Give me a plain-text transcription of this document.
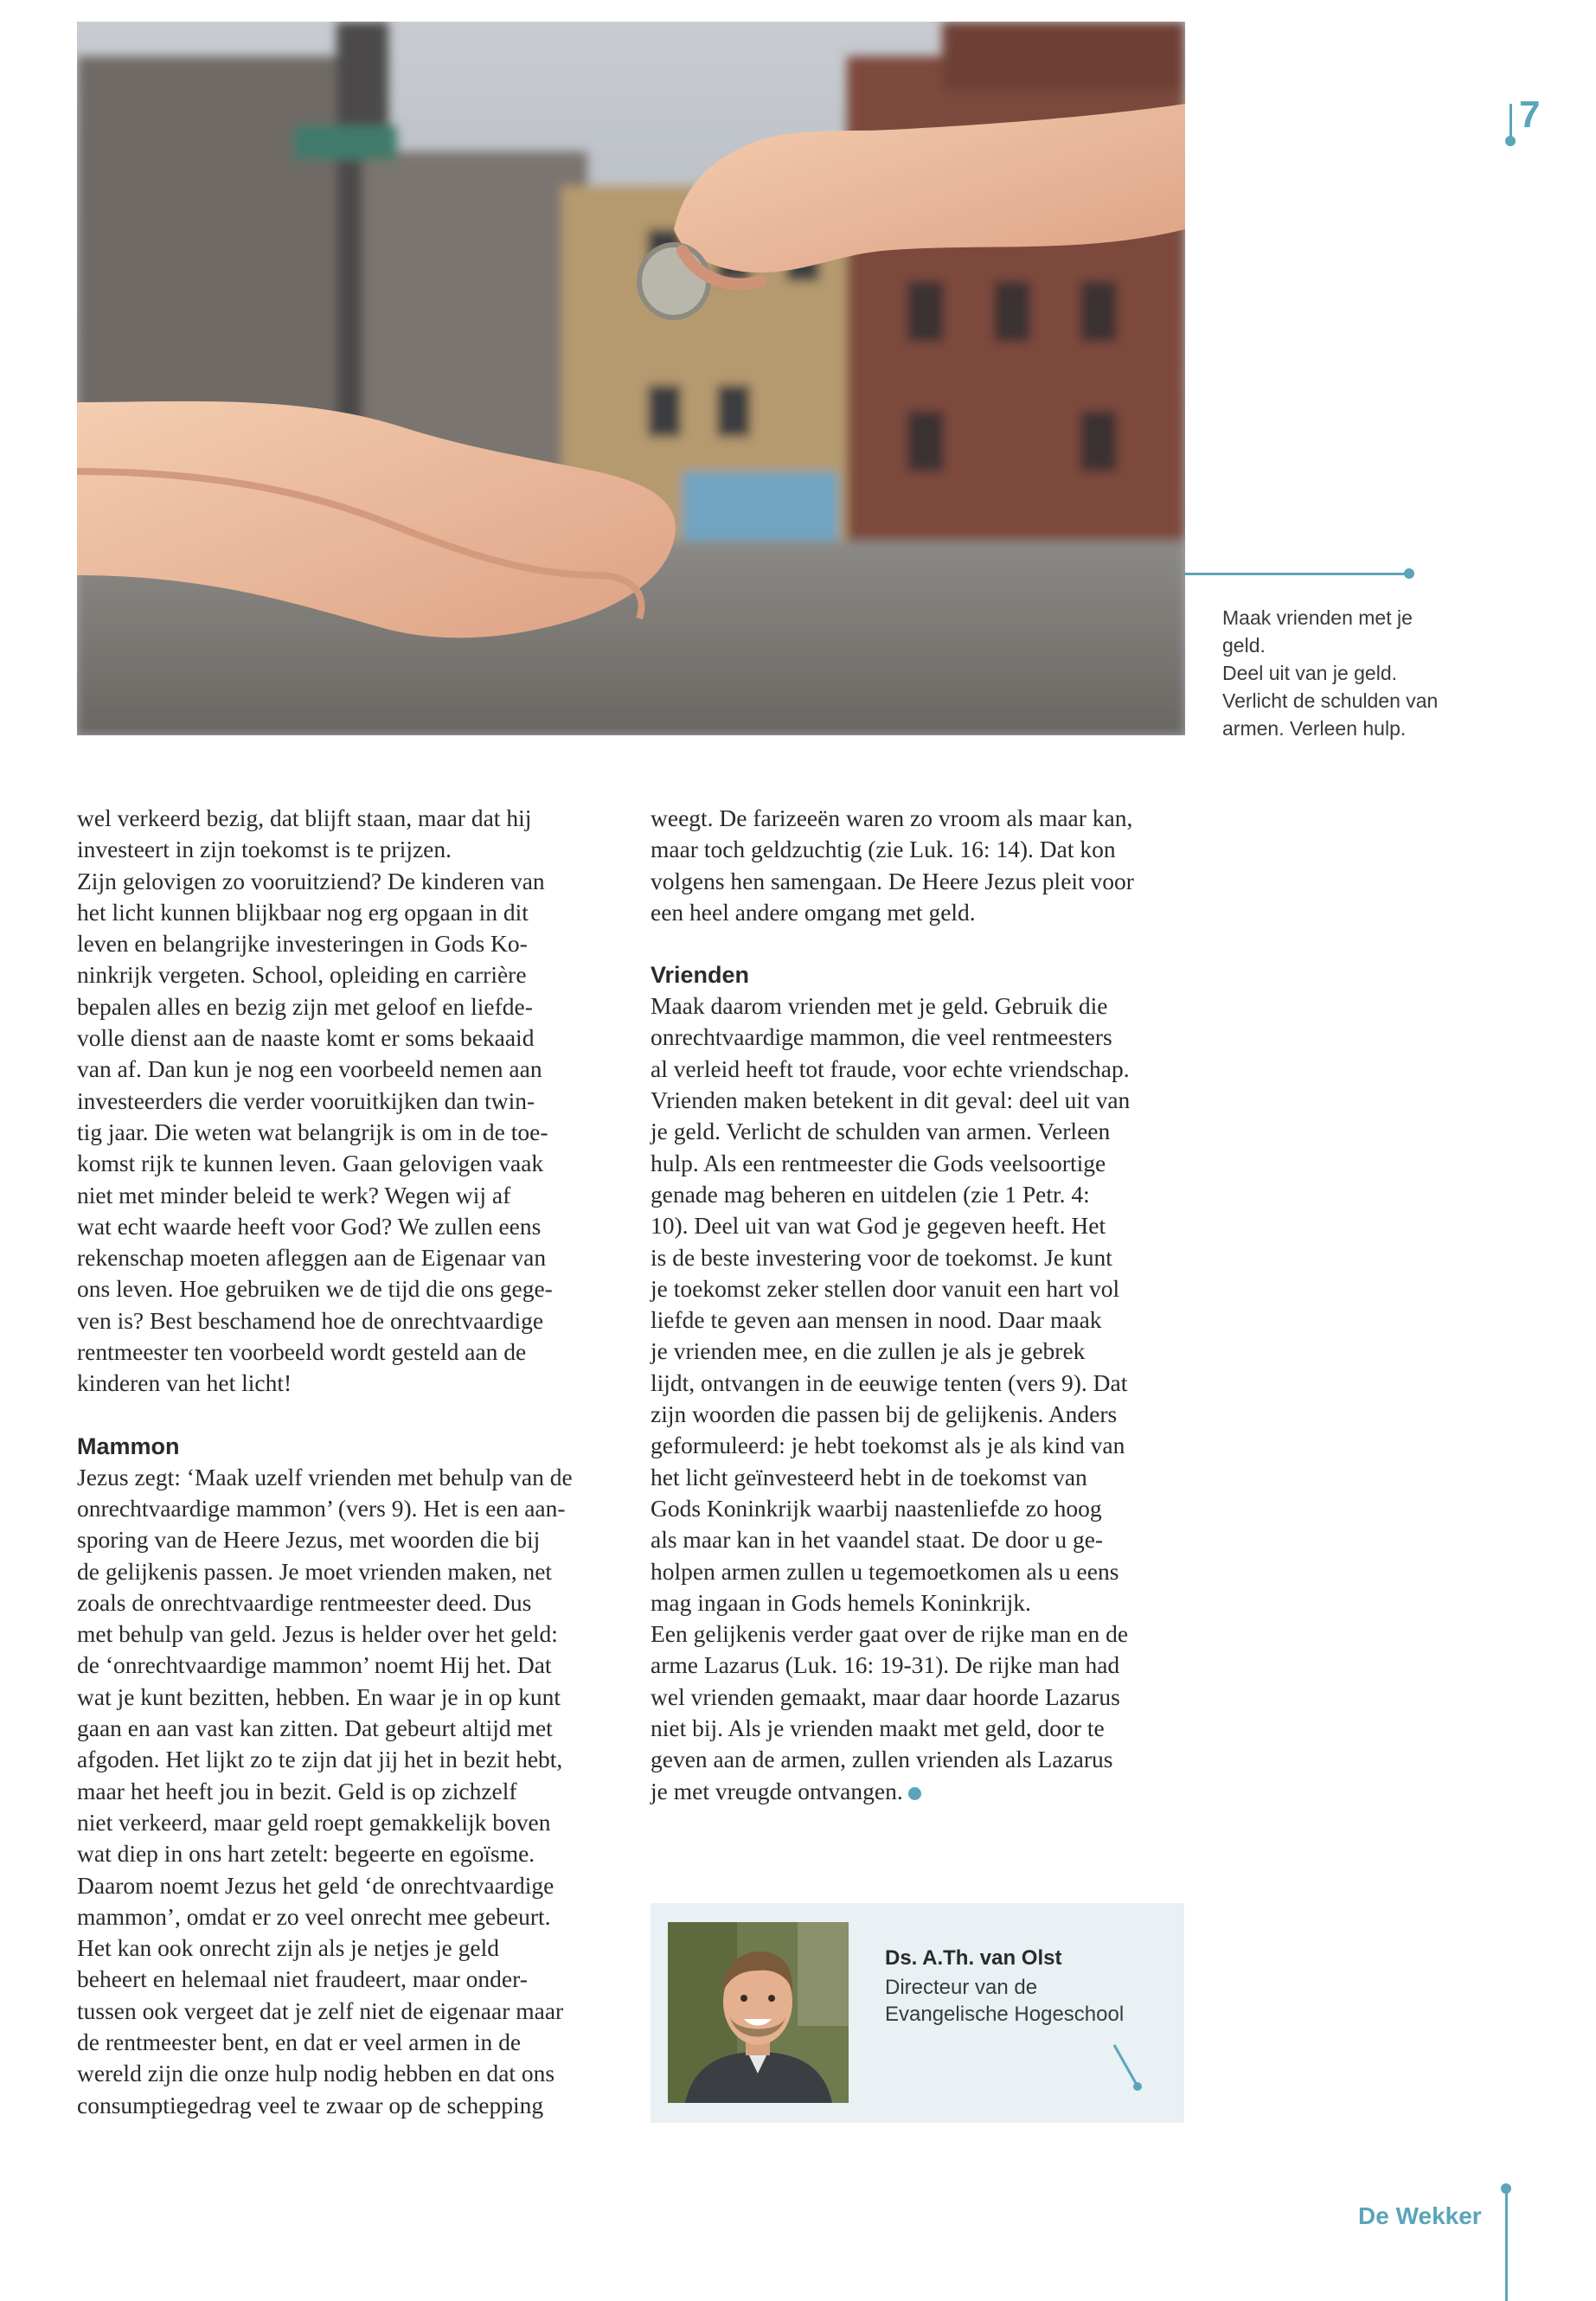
7
Maak vrienden met je
geld.
Deel uit van je geld.
Verlicht de schulden van
armen. Verleen hulp.
wel verkeerd bezig, dat blijft staan, maar dat hij
investeert in zijn toekomst is te prijzen.
Zijn gelovigen zo vooruitziend? De kinderen van
het licht kunnen blijkbaar nog erg opgaan in dit
leven en belangrijke investeringen in Gods Ko-
ninkrijk vergeten. School, opleiding en carrière
bepalen alles en bezig zijn met geloof en liefde-
volle dienst aan de naaste komt er soms bekaaid
van af. Dan kun je nog een voorbeeld nemen aan
investeerders die verder vooruitkijken dan twin-
tig jaar. Die weten wat belangrijk is om in de toe-
komst rijk te kunnen leven. Gaan gelovigen vaak
niet met minder beleid te werk? Wegen wij af
wat echt waarde heeft voor God? We zullen eens
rekenschap moeten afleggen aan de Eigenaar van
ons leven. Hoe gebruiken we de tijd die ons gege-
ven is? Best beschamend hoe de onrechtvaardige
rentmeester ten voorbeeld wordt gesteld aan de
kinderen van het licht!
Mammon
Jezus zegt: ‘Maak uzelf vrienden met behulp van de
onrechtvaardige mammon’ (vers 9). Het is een aan-
sporing van de Heere Jezus, met woorden die bij
de gelijkenis passen. Je moet vrienden maken, net
zoals de onrechtvaardige rentmeester deed. Dus
met behulp van geld. Jezus is helder over het geld:
de ‘onrechtvaardige mammon’ noemt Hij het. Dat
wat je kunt bezitten, hebben. En waar je in op kunt
gaan en aan vast kan zitten. Dat gebeurt altijd met
afgoden. Het lijkt zo te zijn dat jij het in bezit hebt,
maar het heeft jou in bezit. Geld is op zichzelf
niet verkeerd, maar geld roept gemakkelijk boven
wat diep in ons hart zetelt: begeerte en egoïsme.
Daarom noemt Jezus het geld ‘de onrechtvaardige
mammon’, omdat er zo veel onrecht mee gebeurt.
Het kan ook onrecht zijn als je netjes je geld
beheert en helemaal niet fraudeert, maar onder-
tussen ook vergeet dat je zelf niet de eigenaar maar
de rentmeester bent, en dat er veel armen in de
wereld zijn die onze hulp nodig hebben en dat ons
consumptiegedrag veel te zwaar op de schepping
weegt. De farizeeën waren zo vroom als maar kan,
maar toch geldzuchtig (zie Luk. 16: 14). Dat kon
volgens hen samengaan. De Heere Jezus pleit voor
een heel andere omgang met geld.
Vrienden
Maak daarom vrienden met je geld. Gebruik die
onrechtvaardige mammon, die veel rentmeesters
al verleid heeft tot fraude, voor echte vriendschap.
Vrienden maken betekent in dit geval: deel uit van
je geld. Verlicht de schulden van armen. Verleen
hulp. Als een rentmeester die Gods veelsoortige
genade mag beheren en uitdelen (zie 1 Petr. 4:
10). Deel uit van wat God je gegeven heeft. Het
is de beste investering voor de toekomst. Je kunt
je toekomst zeker stellen door vanuit een hart vol
liefde te geven aan mensen in nood. Daar maak
je vrienden mee, en die zullen je als je gebrek
lijdt, ontvangen in de eeuwige tenten (vers 9). Dat
zijn woorden die passen bij de gelijkenis. Anders
geformuleerd: je hebt toekomst als je als kind van
het licht geïnvesteerd hebt in de toekomst van
Gods Koninkrijk waarbij naastenliefde zo hoog
als maar kan in het vaandel staat. De door u ge-
holpen armen zullen u tegemoetkomen als u eens
mag ingaan in Gods hemels Koninkrijk.
Een gelijkenis verder gaat over de rijke man en de
arme Lazarus (Luk. 16: 19-31). De rijke man had
wel vrienden gemaakt, maar daar hoorde Lazarus
niet bij. Als je vrienden maakt met geld, door te
geven aan de armen, zullen vrienden als Lazarus
je met vreugde ontvangen.
Ds. A.Th. van Olst
Directeur van de
Evangelische Hogeschool
De Wekker
